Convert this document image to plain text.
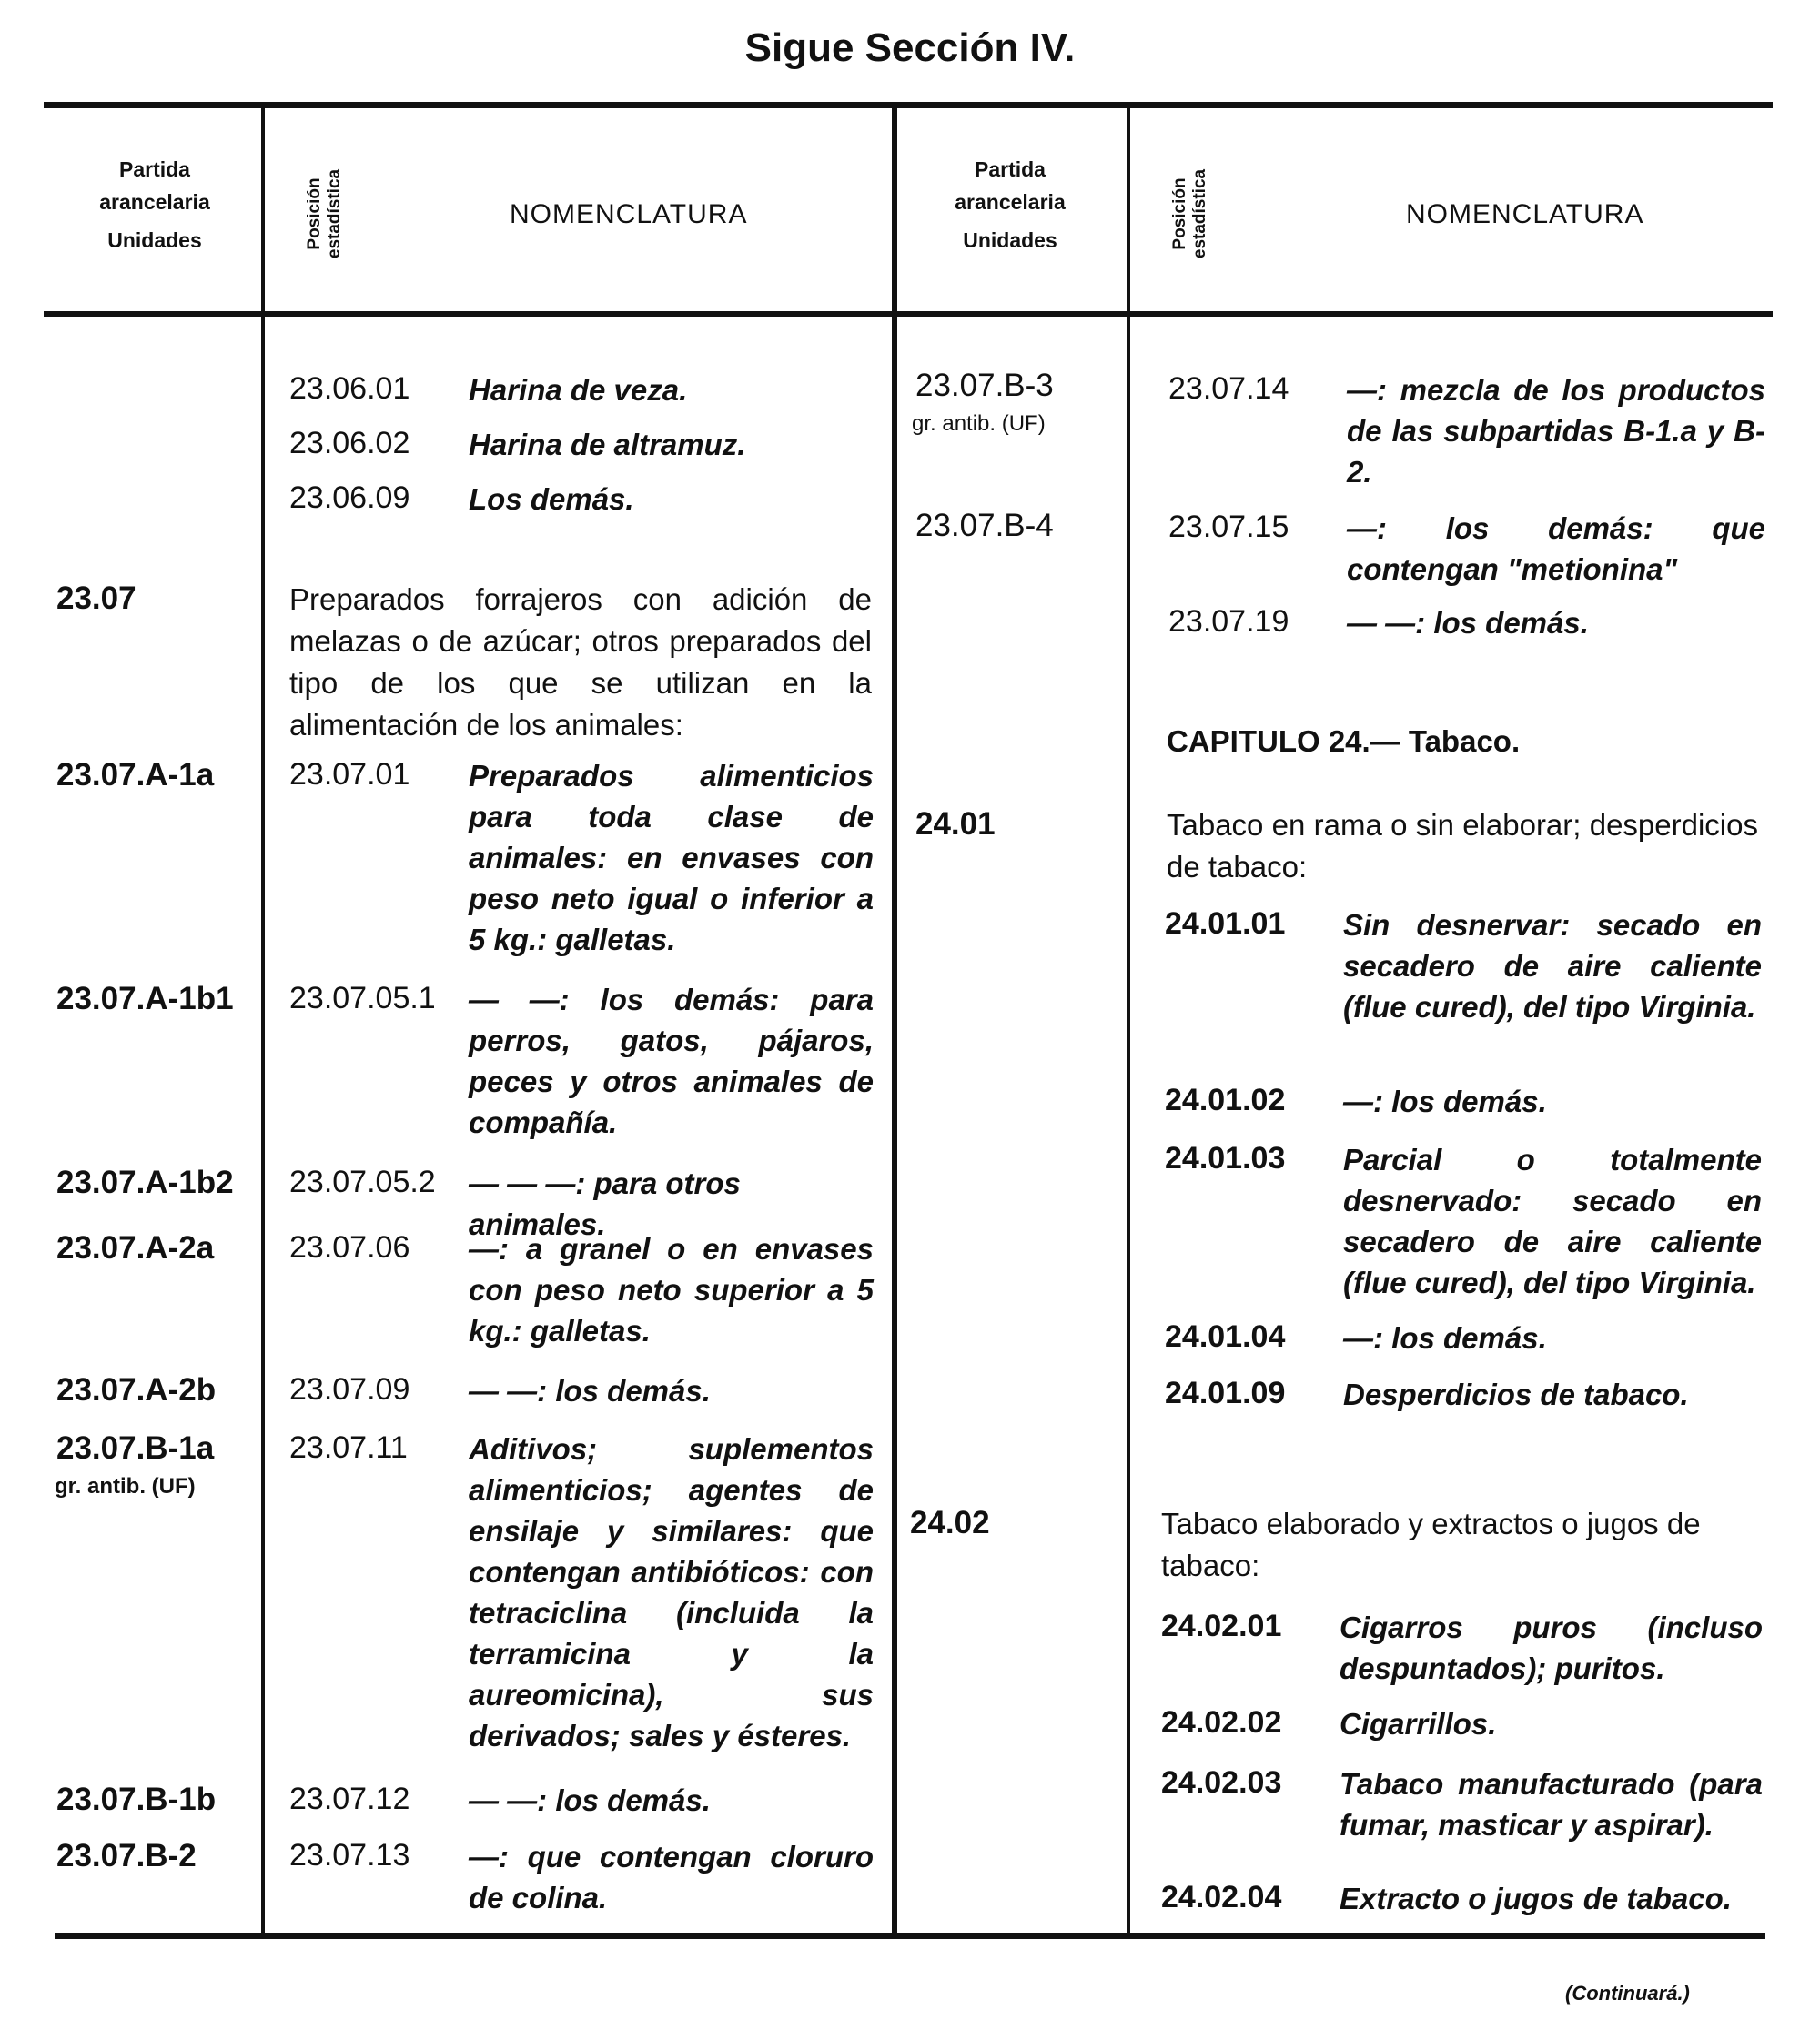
Sigue Sección IV.
Partida
arancelaria
Unidades	Posición estadística	NOMENCLATURA
Partida
arancelaria
Unidades	Posición estadística	NOMENCLATURA
23.06.01 Harina de veza.
23.06.02 Harina de altramuz.
23.06.09 Los demás.
23.07	Preparados forrajeros con adición de melazas o de azúcar; otros preparados del tipo de los que se utilizan en la alimentación de los animales:
23.07.A-1a 23.07.01 Preparados alimenticios para toda clase de animales: en envases con peso neto igual o inferior a 5 kg.: galletas.
23.07.A-1b1 23.07.05.1 — —: los demás: para perros, gatos, pájaros, peces y otros animales de compañía.
23.07.A-1b2 23.07.05.2 — — —: para otros animales.
23.07.A-2a 23.07.06 —: a granel o en envases con peso neto superior a 5 kg.: galletas.
23.07.A-2b 23.07.09 — —: los demás.
23.07.B-1a
gr. antib. (UF)
23.07.11 Aditivos; suplementos alimenticios; agentes de ensilaje y similares: que contengan antibióticos: con tetraciclina (incluida la terramicina y la aureomicina), sus derivados; sales y ésteres.
23.07.B-1b 23.07.12 — —: los demás.
23.07.B-2	23.07.13 —: que contengan cloruro de colina.
23.07.B-3
gr. antib. (UF)
23.07.14 —: mezcla de los productos de las subpartidas B-1.a y B-2.
23.07.B-4	23.07.15 —: los demás: que contengan "metionina"
23.07.19 — —: los demás.
CAPITULO 24.— Tabaco.
24.01	Tabaco en rama o sin elaborar; desperdicios de tabaco:
24.01.01 Sin desnervar: secado en secadero de aire caliente (flue cured), del tipo Virginia.
24.01.02 —: los demás.
24.01.03 Parcial o totalmente desnervado: secado en secadero de aire caliente (flue cured), del tipo Virginia.
24.01.04 —: los demás.
24.01.09 Desperdicios de tabaco.
24.02	Tabaco elaborado y extractos o jugos de tabaco:
24.02.01 Cigarros puros (incluso despuntados); puritos.
24.02.02 Cigarrillos.
24.02.03 Tabaco manufacturado (para fumar, masticar y aspirar).
24.02.04 Extracto o jugos de tabaco.
(Continuará.)
